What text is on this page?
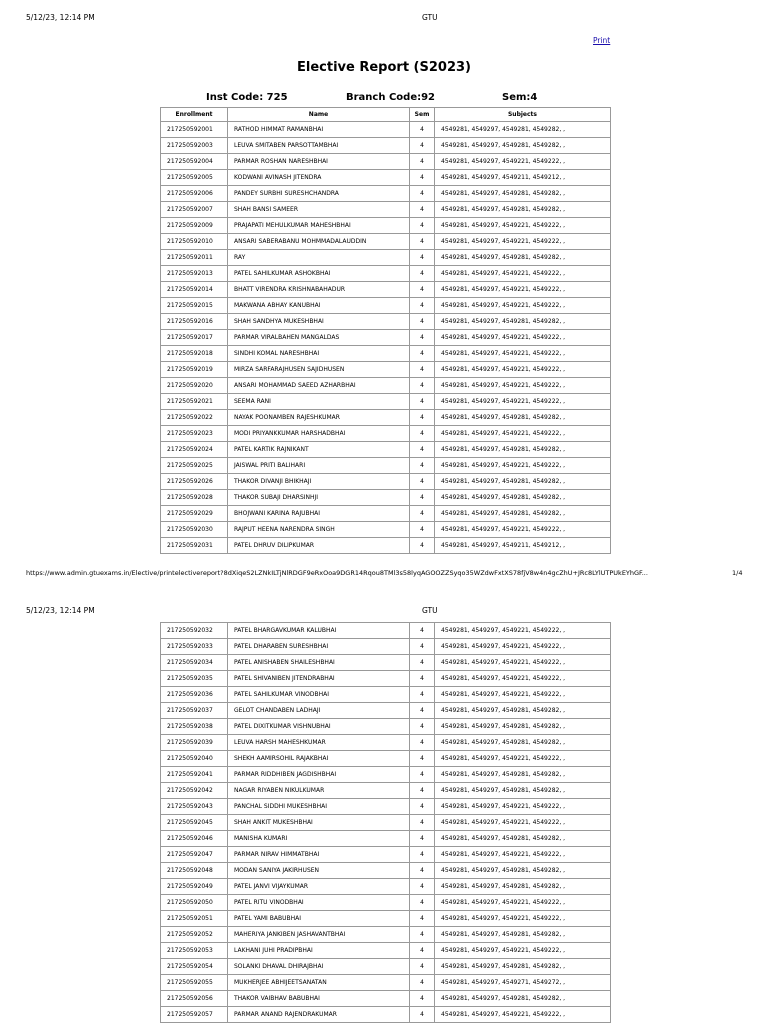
5/12/23, 12:14 PM	GTU
Print
Elective Report (S2023)
Inst Code: 725	Branch Code:92	Sem:4
Enrollment	Name	Sem	Subjects
217250592001	RATHOD HIMMAT RAMANBHAI	4	4549281, 4549297, 4549281, 4549282, ,
217250592003	LEUVA SMITABEN PARSOTTAMBHAI	4	4549281, 4549297, 4549281, 4549282, ,
217250592004	PARMAR ROSHAN NARESHBHAI	4	4549281, 4549297, 4549221, 4549222, ,
217250592005	KODWANI AVINASH JITENDRA	4	4549281, 4549297, 4549211, 4549212, ,
217250592006	PANDEY SURBHI SURESHCHANDRA	4	4549281, 4549297, 4549281, 4549282, ,
217250592007	SHAH BANSI SAMEER	4	4549281, 4549297, 4549281, 4549282, ,
217250592009	PRAJAPATI MEHULKUMAR MAHESHBHAI	4	4549281, 4549297, 4549221, 4549222, ,
217250592010	ANSARI SABERABANU MOHMMADALAUDDIN	4	4549281, 4549297, 4549221, 4549222, ,
217250592011	RAY	4	4549281, 4549297, 4549281, 4549282, ,
217250592013	PATEL SAHILKUMAR ASHOKBHAI	4	4549281, 4549297, 4549221, 4549222, ,
217250592014	BHATT VIRENDRA KRISHNABAHADUR	4	4549281, 4549297, 4549221, 4549222, ,
217250592015	MAKWANA ABHAY KANUBHAI	4	4549281, 4549297, 4549221, 4549222, ,
217250592016	SHAH SANDHYA MUKESHBHAI	4	4549281, 4549297, 4549281, 4549282, ,
217250592017	PARMAR VIRALBAHEN MANGALDAS	4	4549281, 4549297, 4549221, 4549222, ,
217250592018	SINDHI KOMAL NARESHBHAI	4	4549281, 4549297, 4549221, 4549222, ,
217250592019	MIRZA SARFARAJHUSEN SAJIDHUSEN	4	4549281, 4549297, 4549221, 4549222, ,
217250592020	ANSARI MOHAMMAD SAEED AZHARBHAI	4	4549281, 4549297, 4549221, 4549222, ,
217250592021	SEEMA RANI	4	4549281, 4549297, 4549221, 4549222, ,
217250592022	NAYAK POONAMBEN RAJESHKUMAR	4	4549281, 4549297, 4549281, 4549282, ,
217250592023	MODI PRIYANKKUMAR HARSHADBHAI	4	4549281, 4549297, 4549221, 4549222, ,
217250592024	PATEL KARTIK RAJNIKANT	4	4549281, 4549297, 4549281, 4549282, ,
217250592025	JAISWAL PRITI BALIHARI	4	4549281, 4549297, 4549221, 4549222, ,
217250592026	THAKOR DIVANJI BHIKHAJI	4	4549281, 4549297, 4549281, 4549282, ,
217250592028	THAKOR SUBAJI DHARSINHJI	4	4549281, 4549297, 4549281, 4549282, ,
217250592029	BHOJWANI KARINA RAJUBHAI	4	4549281, 4549297, 4549281, 4549282, ,
217250592030	RAJPUT HEENA NARENDRA SINGH	4	4549281, 4549297, 4549221, 4549222, ,
217250592031	PATEL DHRUV DILIPKUMAR	4	4549281, 4549297, 4549211, 4549212, ,
https://www.admin.gtuexams.in/Elective/printelectivereport?8dXiqeS2LZNkILTjNlRDGF9eRxOoa9DGR14Rqou8TMl3s58lyqAGOOZZSyqo35WZdwFxtXS78fjV8w4n4gcZhU+JRc8LYlUTPUkEYhGF...	1/4
5/12/23, 12:14 PM	GTU
217250592032	PATEL BHARGAVKUMAR KALUBHAI	4	4549281, 4549297, 4549221, 4549222, ,
217250592033	PATEL DHARABEN SURESHBHAI	4	4549281, 4549297, 4549221, 4549222, ,
217250592034	PATEL ANISHABEN SHAILESHBHAI	4	4549281, 4549297, 4549221, 4549222, ,
217250592035	PATEL SHIVANIBEN JITENDRABHAI	4	4549281, 4549297, 4549221, 4549222, ,
217250592036	PATEL SAHILKUMAR VINODBHAI	4	4549281, 4549297, 4549221, 4549222, ,
217250592037	GELOT CHANDABEN LADHAJI	4	4549281, 4549297, 4549281, 4549282, ,
217250592038	PATEL DIXITKUMAR VISHNUBHAI	4	4549281, 4549297, 4549281, 4549282, ,
217250592039	LEUVA HARSH MAHESHKUMAR	4	4549281, 4549297, 4549281, 4549282, ,
217250592040	SHEKH AAMIRSOHIL RAJAKBHAI	4	4549281, 4549297, 4549221, 4549222, ,
217250592041	PARMAR RIDDHIBEN JAGDISHBHAI	4	4549281, 4549297, 4549281, 4549282, ,
217250592042	NAGAR RIYABEN NIKULKUMAR	4	4549281, 4549297, 4549281, 4549282, ,
217250592043	PANCHAL SIDDHI MUKESHBHAI	4	4549281, 4549297, 4549221, 4549222, ,
217250592045	SHAH ANKIT MUKESHBHAI	4	4549281, 4549297, 4549221, 4549222, ,
217250592046	MANISHA KUMARI	4	4549281, 4549297, 4549281, 4549282, ,
217250592047	PARMAR NIRAV HIMMATBHAI	4	4549281, 4549297, 4549221, 4549222, ,
217250592048	MODAN SANIYA JAKIRHUSEN	4	4549281, 4549297, 4549281, 4549282, ,
217250592049	PATEL JANVI VIJAYKUMAR	4	4549281, 4549297, 4549281, 4549282, ,
217250592050	PATEL RITU VINODBHAI	4	4549281, 4549297, 4549221, 4549222, ,
217250592051	PATEL YAMI BABUBHAI	4	4549281, 4549297, 4549221, 4549222, ,
217250592052	MAHERIYA JANKIBEN JASHAVANTBHAI	4	4549281, 4549297, 4549281, 4549282, ,
217250592053	LAKHANI JUHI PRADIPBHAI	4	4549281, 4549297, 4549221, 4549222, ,
217250592054	SOLANKI DHAVAL DHIRAJBHAI	4	4549281, 4549297, 4549281, 4549282, ,
217250592055	MUKHERJEE ABHIJEETSANATAN	4	4549281, 4549297, 4549271, 4549272, ,
217250592056	THAKOR VAIBHAV BABUBHAI	4	4549281, 4549297, 4549281, 4549282, ,
217250592057	PARMAR ANAND RAJENDRAKUMAR	4	4549281, 4549297, 4549221, 4549222, ,
